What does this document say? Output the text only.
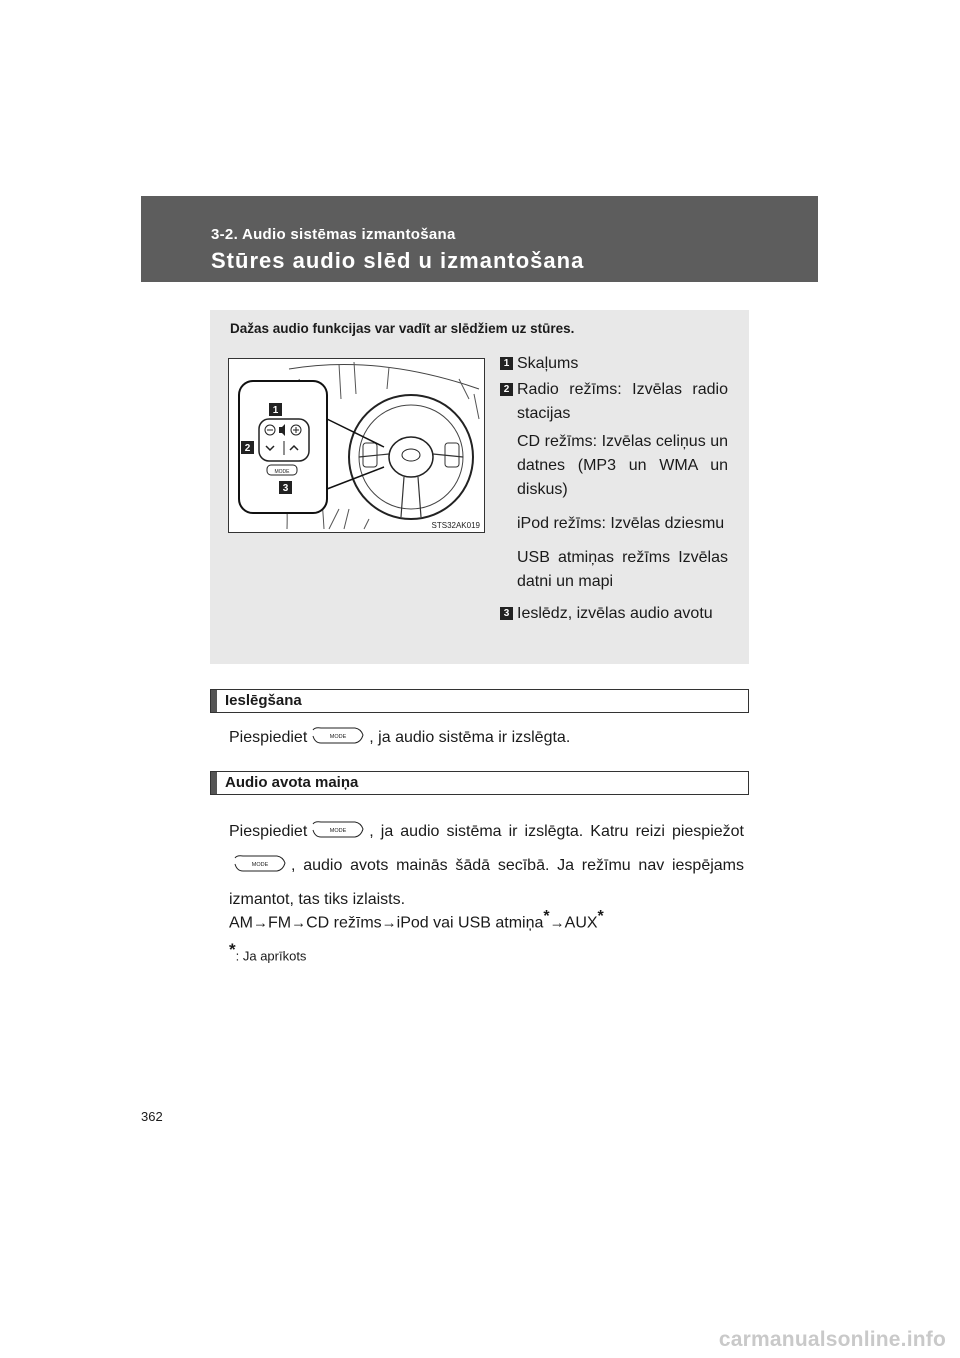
3-2. Audio sistēmas izmantošana
Stūres audio slēd u izmantošana
Dažas audio funkcijas var vadīt ar slēdžiem uz stūres.
MODE
1
2
3
STS32AK019
1 Skaļums
2 Radio režīms: Izvēlas radio stacijas
CD režīms: Izvēlas celiņus un datnes (MP3 un WMA un diskus)
iPod režīms: Izvēlas dziesmu
USB atmiņas režīms Izvēlas datni un mapi
3 Ieslēdz, izvēlas audio avotu
Ieslēgšana
Piespiediet	MODE , ja audio sistēma ir izslēgta.
Audio avota maiņa
Piespiediet	MODE , ja audio sistēma ir izslēgta. Katru reizi piespiežot
MODE , audio avots mainās šādā secībā. Ja režīmu nav iespējams izmantot, tas tiks izlaists.
AM→FM→CD režīms→iPod vai USB atmiņa*→AUX*
*: Ja aprīkots
362
carmanualsonline.info
